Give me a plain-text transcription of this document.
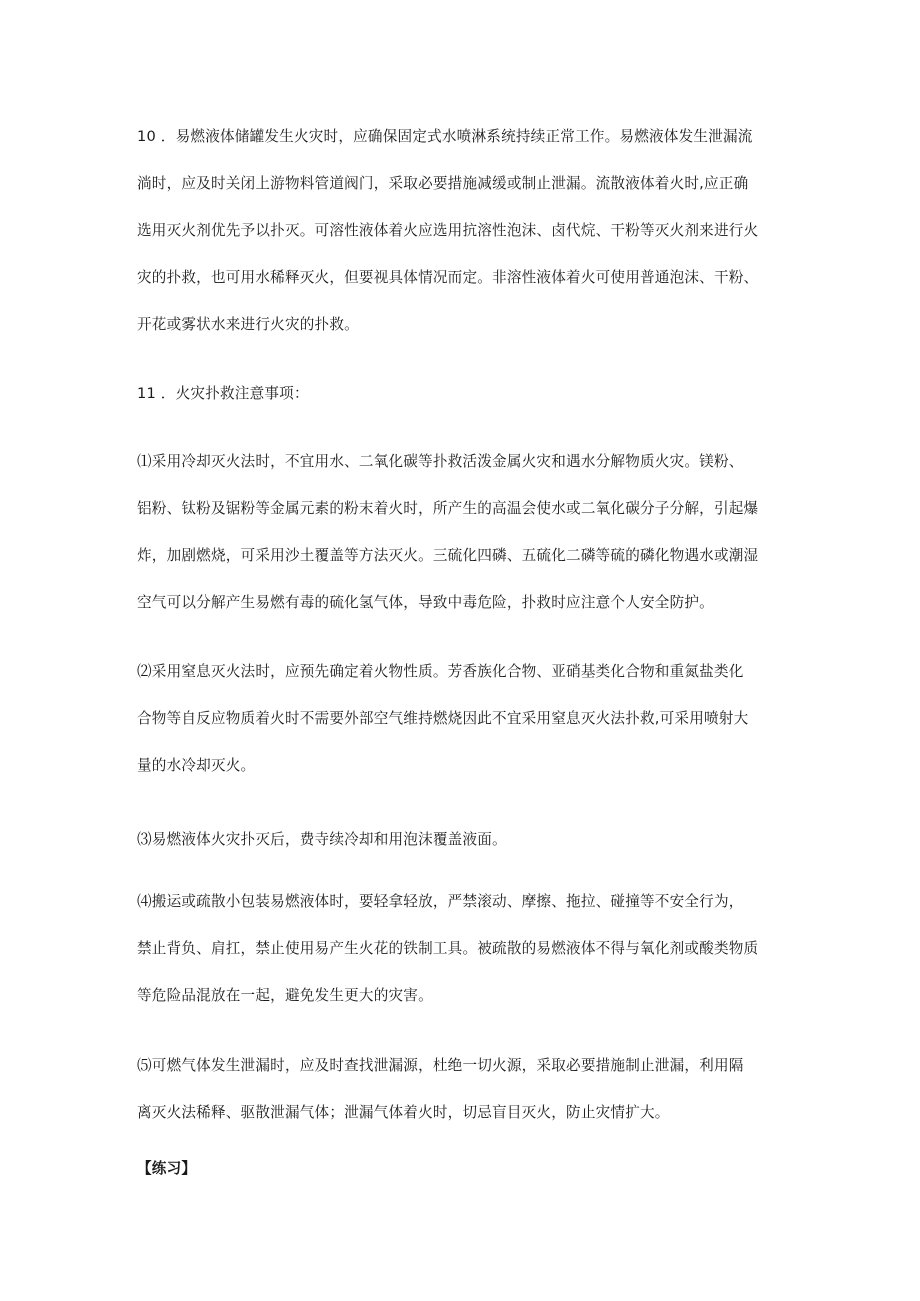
10 ．易燃液体储罐发生火灾时，应确保固定式水喷淋系统持续正常工作。易燃液体发生泄漏流
淌时，应及时关闭上游物料管道阀门，采取必要措施减缓或制止泄漏。流散液体着火时,应正确
选用灭火剂优先予以扑灭。可溶性液体着火应选用抗溶性泡沫、卤代烷、干粉等灭火剂来进行火
灾的扑救，也可用水稀释灭火，但要视具体情况而定。非溶性液体着火可使用普通泡沫、干粉、
开花或雾状水来进行火灾的扑救。

11 ．火灾扑救注意事项：

⑴采用冷却灭火法时，不宜用水、二氧化碳等扑救活泼金属火灾和遇水分解物质火灾。镁粉、
铝粉、钛粉及锯粉等金属元素的粉末着火时，所产生的高温会使水或二氧化碳分子分解，引起爆
炸，加剧燃烧，可采用沙土覆盖等方法灭火。三硫化四磷、五硫化二磷等硫的磷化物遇水或潮湿
空气可以分解产生易燃有毒的硫化氢气体，导致中毒危险，扑救时应注意个人安全防护。

⑵采用窒息灭火法时，应预先确定着火物性质。芳香族化合物、亚硝基类化合物和重氮盐类化
合物等自反应物质着火时不需要外部空气维持燃烧因此不宜采用窒息灭火法扑救,可采用喷射大
量的水冷却灭火。

⑶易燃液体火灾扑灭后，费寺续冷却和用泡沫覆盖液面。

⑷搬运或疏散小包装易燃液体时，要轻拿轻放，严禁滚动、摩擦、拖拉、碰撞等不安全行为，
禁止背负、肩扛，禁止使用易产生火花的铁制工具。被疏散的易燃液体不得与氧化剂或酸类物质
等危险品混放在一起，避免发生更大的灾害。

⑸可燃气体发生泄漏时，应及时查找泄漏源，杜绝一切火源，采取必要措施制止泄漏，利用隔
离灭火法稀释、驱散泄漏气体；泄漏气体着火时，切忌盲目灭火，防止灾情扩大。

【练习】
